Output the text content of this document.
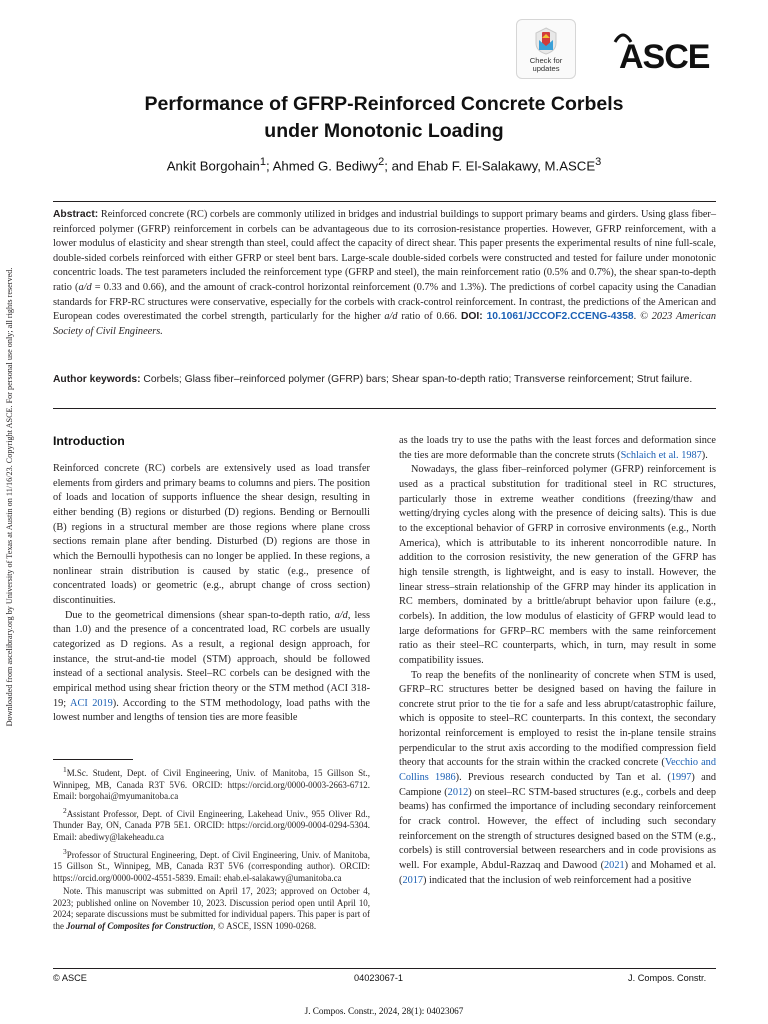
Downloaded from ascelibrary.org by University of Texas at Austin on 11/16/23. Copyright ASCE. For personal use only; all rights reserved.
Check for
updates	ASCE
Performance of GFRP-Reinforced Concrete Corbels
under Monotonic Loading
Ankit Borgohain$^1$; Ahmed G. Bediwy$^2$; and Ehab F. El-Salakawy, M.ASCE$^3$
Abstract: Reinforced concrete (RC) corbels are commonly utilized in bridges and industrial buildings to support primary beams and girders. Using glass fiber–reinforced polymer (GFRP) reinforcement in corbels can be advantageous due to its corrosion-resistance properties. However, GFRP reinforcement, with a lower modulus of elasticity and shear strength than steel, could affect the capacity of direct shear. This paper presents the experimental results of nine full-scale, double-sided corbels reinforced with either GFRP or steel bent bars. Large-scale double-sided corbels were constructed and tested for failure under monotonic concentric loads. The test parameters included the reinforcement type (GFRP and steel), the main reinforcement ratio (0.5% and 0.7%), the shear span-to-depth ratio (a/d = 0.33 and 0.66), and the amount of crack-control horizontal reinforcement (0.7% and 1.3%). The predictions of corbel capacity using the Canadian standards for FRP-RC structures were conservative, especially for the corbels with crack-control reinforcement. In contrast, the predictions of the American and European codes overestimated the corbel strength, particularly for the higher a/d ratio of 0.66. DOI: 10.1061/JCCOF2.CCENG-4358. © 2023 American Society of Civil Engineers.
Author keywords: Corbels; Glass fiber–reinforced polymer (GFRP) bars; Shear span-to-depth ratio; Transverse reinforcement; Strut failure.
Introduction

Reinforced concrete (RC) corbels are extensively used as load transfer elements from girders and primary beams to columns and piers. The position of loads and location of supports influence the shear design, resulting in either bending (B) regions or disturbed (D) regions. Bending or Bernoulli (B) regions in a structural member are those regions where plane cross sections remain plane after bending. Disturbed (D) regions are those in which the Bernoulli hypothesis can no longer be applied. In these regions, a nonlinear strain distribution is caused by static (e.g., presence of concentrated loads) or geometric (e.g., abrupt change of cross section) discontinuities.

Due to the geometrical dimensions (shear span-to-depth ratio, a/d, less than 1.0) and the presence of a concentrated load, RC corbels are usually categorized as D regions. As a result, a regional design approach, for instance, the strut-and-tie model (STM) approach, should be followed instead of a sectional analysis. Steel–RC corbels can be designed with the empirical method using shear friction theory or the STM method (ACI 318-19; ACI 2019). According to the STM methodology, load paths with the lowest number and lengths of tension ties are more feasible

$^1$M.Sc. Student, Dept. of Civil Engineering, Univ. of Manitoba, 15 Gillson St., Winnipeg, MB, Canada R3T 5V6. ORCID: https://orcid.org/0000-0003-2663-6712. Email: borgohai@myumanitoba.ca

$^2$Assistant Professor, Dept. of Civil Engineering, Lakehead Univ., 955 Oliver Rd., Thunder Bay, ON, Canada P7B 5E1. ORCID: https://orcid.org/0009-0004-0294-5304. Email: abediwy@lakeheadu.ca

$^3$Professor of Structural Engineering, Dept. of Civil Engineering, Univ. of Manitoba, 15 Gillson St., Winnipeg, MB, Canada R3T 5V6 (corresponding author). ORCID: https://orcid.org/0000-0002-4551-5839. Email: ehab.el-salakawy@umanitoba.ca

Note. This manuscript was submitted on April 17, 2023; approved on October 4, 2023; published online on November 10, 2023. Discussion period open until April 10, 2024; separate discussions must be submitted for individual papers. This paper is part of the Journal of Composites for Construction, © ASCE, ISSN 1090-0268.

as the loads try to use the paths with the least forces and deformation since the ties are more deformable than the concrete struts (Schlaich et al. 1987).

Nowadays, the glass fiber–reinforced polymer (GFRP) reinforcement is used as a practical substitution for traditional steel in RC structures, particularly those in extreme weather conditions (freezing/thaw and wetting/drying cycles along with the presence of deicing salts). This is due to the exceptional behavior of GFRP in corrosive environments (e.g., North America), which is attributable to its inherent noncorrodible nature. In addition to the corrosion resistivity, the new generation of the GFRP has high tensile strength, is lightweight, and is easy to install. However, the linear stress–strain relationship of the GFRP may hinder its application in RC members, dominated by a brittle/abrupt behavior upon failure (e.g., corbels). In addition, the low modulus of elasticity of GFRP would lead to large deformations for GFRP–RC members with the same reinforcement ratio as their steel–RC counterparts, which, in turn, may result in some compatibility issues.

To reap the benefits of the nonlinearity of concrete when STM is used, GFRP–RC structures better be designed based on having the failure in concrete strut prior to the tie for a safe and less abrupt/catastrophic failure, which is opposite to steel–RC counterparts. In this context, the secondary horizontal reinforcement is employed to resist the in-plane tensile strains perpendicular to the strut axis according to the modified compression field theory that accounts for the strain within the cracked concrete (Vecchio and Collins 1986). Previous research conducted by Tan et al. (1997) and Campione (2012) on steel–RC STM-based structures (e.g., corbels and deep beams) has confirmed the importance of including secondary reinforcement for crack control. However, the effect of including such secondary reinforcement on the strength of structures designed based on the STM (e.g., corbels) is still controversial between researchers and in code provisions as well. For example, Abdul-Razzaq and Dawood (2021) and Mohamed et al. (2017) indicated that the inclusion of web reinforcement had a positive

© ASCE	04023067-1	J. Compos. Constr.
J. Compos. Constr., 2024, 28(1): 04023067
